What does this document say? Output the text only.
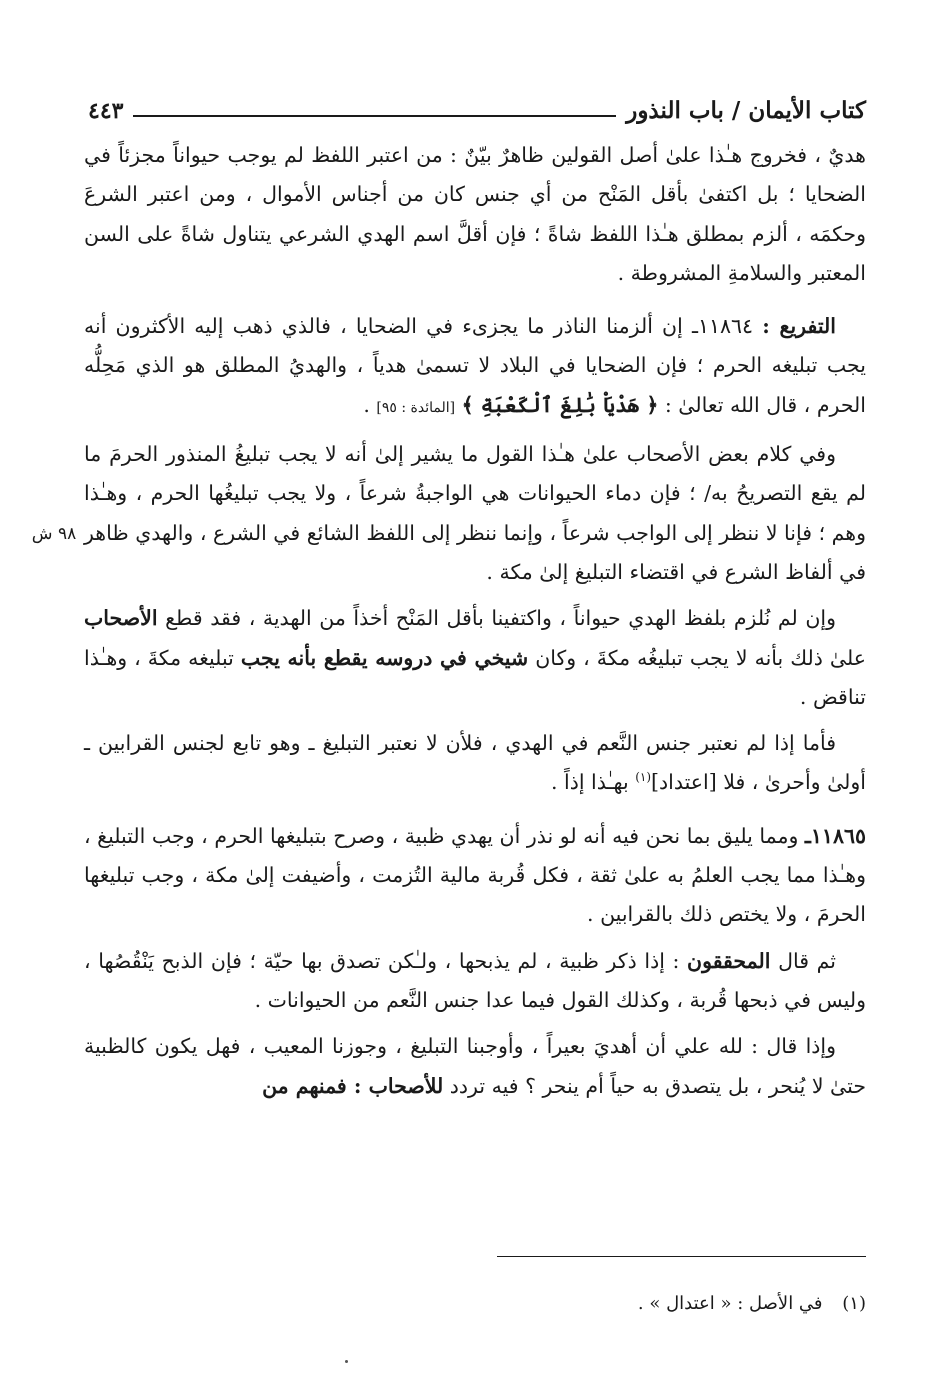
كتاب الأيمان / باب النذور
٤٤٣
٩٨ ش

هديٌ ، فخروج هـٰذا علىٰ أصل القولين ظاهرٌ بيّنٌ : من اعتبر اللفظ لم يوجب حيواناً مجزئاً في الضحايا ؛ بل اكتفىٰ بأقل المَنْح من أي جنس كان من أجناس الأموال ، ومن اعتبر الشرعَ وحكمَه ، ألزم بمطلق هـٰذا اللفظ شاةً ؛ فإن أقلَّ اسم الهدي الشرعي يتناول شاةً على السن المعتبر والسلامةِ المشروطة .

التفريع : ١١٨٦٤ـ إن ألزمنا الناذر ما يجزىء في الضحايا ، فالذي ذهب إليه الأكثرون أنه يجب تبليغه الحرم ؛ فإن الضحايا في البلاد لا تسمىٰ هدياً ، والهديُ المطلق هو الذي مَحِلُّه الحرم ، قال الله تعالىٰ : ﴿ هَدْيَاْ بَٰلِغَ ٱلْكَعْبَةِ ﴾ [المائدة : ٩٥] .

وفي كلام بعض الأصحاب علىٰ هـٰذا القول ما يشير إلىٰ أنه لا يجب تبليغُ المنذور الحرمَ ما لم يقع التصريحُ به/ ؛ فإن دماء الحيوانات هي الواجبةُ شرعاً ، ولا يجب تبليغُها الحرم ، وهـٰذا وهم ؛ فإنا لا ننظر إلى الواجب شرعاً ، وإنما ننظر إلى اللفظ الشائع في الشرع ، والهدي ظاهر في ألفاظ الشرع في اقتضاء التبليغ إلىٰ مكة .

وإن لم نُلزم بلفظ الهدي حيواناً ، واكتفينا بأقل المَنْح أخذاً من الهدية ، فقد قطع الأصحاب علىٰ ذلك بأنه لا يجب تبليغُه مكةَ ، وكان شيخي في دروسه يقطع بأنه يجب تبليغه مكةَ ، وهـٰذا تناقض .

فأما إذا لم نعتبر جنس النَّعم في الهدي ، فلأن لا نعتبر التبليغ ـ وهو تابع لجنس القرابين ـ أولىٰ وأحرىٰ ، فلا [اعتداد]$^{(١)}$ بهـٰذا إذاً .

١١٨٦٥ـ ومما يليق بما نحن فيه أنه لو نذر أن يهدي ظبية ، وصرح بتبليغها الحرم ، وجب التبليغ ، وهـٰذا مما يجب العلمُ به علىٰ ثقة ، فكل قُربة مالية التُزمت ، وأضيفت إلىٰ مكة ، وجب تبليغها الحرمَ ، ولا يختص ذلك بالقرابين .

ثم قال المحققون : إذا ذكر ظبية ، لم يذبحها ، ولـٰكن تصدق بها حيّة ؛ فإن الذبح يَنْقُصُها ، وليس في ذبحها قُربة ، وكذلك القول فيما عدا جنس النَّعم من الحيوانات .

وإذا قال : لله علي أن أهديَ بعيراً ، وأوجبنا التبليغ ، وجوزنا المعيب ، فهل يكون كالظبية حتىٰ لا يُنحر ، بل يتصدق به حياً أم ينحر ؟ فيه تردد للأصحاب : فمنهم من

(١) في الأصل : « اعتدال » .
